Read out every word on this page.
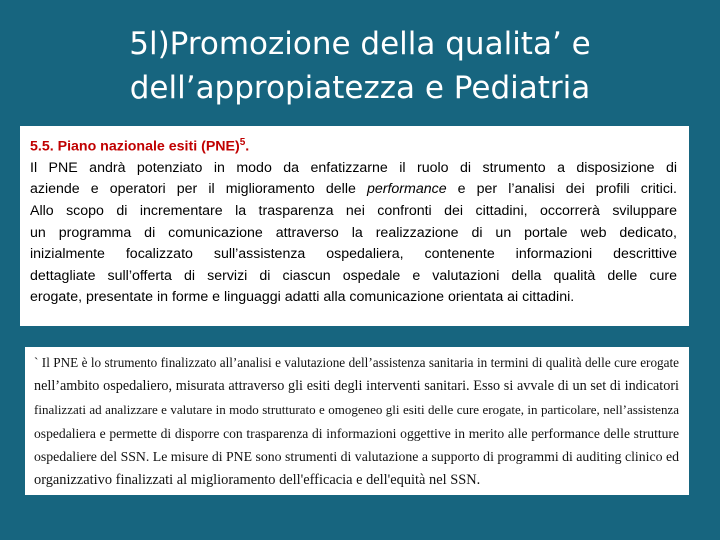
5l)Promozione della qualita’ e
dell’appropiatezza e Pediatria

5.5. Piano nazionale esiti (PNE)$^5$.

Il PNE andrà potenziato in modo da enfatizzarne il ruolo di strumento a disposizione di
aziende e operatori per il miglioramento delle performance e per l’analisi dei profili critici.
Allo scopo di incrementare la trasparenza nei confronti dei cittadini, occorrerà sviluppare
un programma di comunicazione attraverso la realizzazione di un portale web dedicato,
inizialmente focalizzato sull’assistenza ospedaliera, contenente informazioni descrittive
dettagliate sull’offerta di servizi di ciascun ospedale e valutazioni della qualità delle cure
erogate, presentate in forme e linguaggi adatti alla comunicazione orientata ai cittadini.

` Il PNE è lo strumento finalizzato all’analisi e valutazione dell’assistenza sanitaria in termini di qualità delle cure erogate
nell’ambito ospedaliero, misurata attraverso gli esiti degli interventi sanitari. Esso si avvale di un set di indicatori
finalizzati ad analizzare e valutare in modo strutturato e omogeneo gli esiti delle cure erogate, in particolare, nell’assistenza
ospedaliera e permette di disporre con trasparenza di informazioni oggettive in merito alle performance delle strutture
ospedaliere del SSN. Le misure di PNE sono strumenti di valutazione a supporto di programmi di auditing clinico ed
organizzativo finalizzati al miglioramento dell'efficacia e dell'equità nel SSN.
